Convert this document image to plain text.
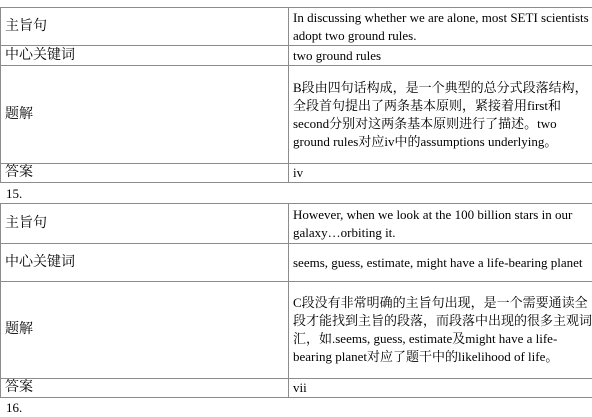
主旨句	In discussing whether we are alone, most SETI scientists adopt two ground rules.
中心关键词	two ground rules
题解	B段由四句话构成，是一个典型的总分式段落结构，全段首句提出了两条基本原则，紧接着用first和second分别对这两条基本原则进行了描述。two ground rules对应iv中的assumptions underlying。
答案	iv
15.
主旨句	However, when we look at the 100 billion stars in our galaxy…orbiting it.
中心关键词	seems, guess, estimate, might have a life-bearing planet
题解	C段没有非常明确的主旨句出现，是一个需要通读全段才能找到主旨的段落，而段落中出现的很多主观词汇，如.seems, guess, estimate及might have a life-bearing planet对应了题干中的likelihood of life。
答案	vii
16.
